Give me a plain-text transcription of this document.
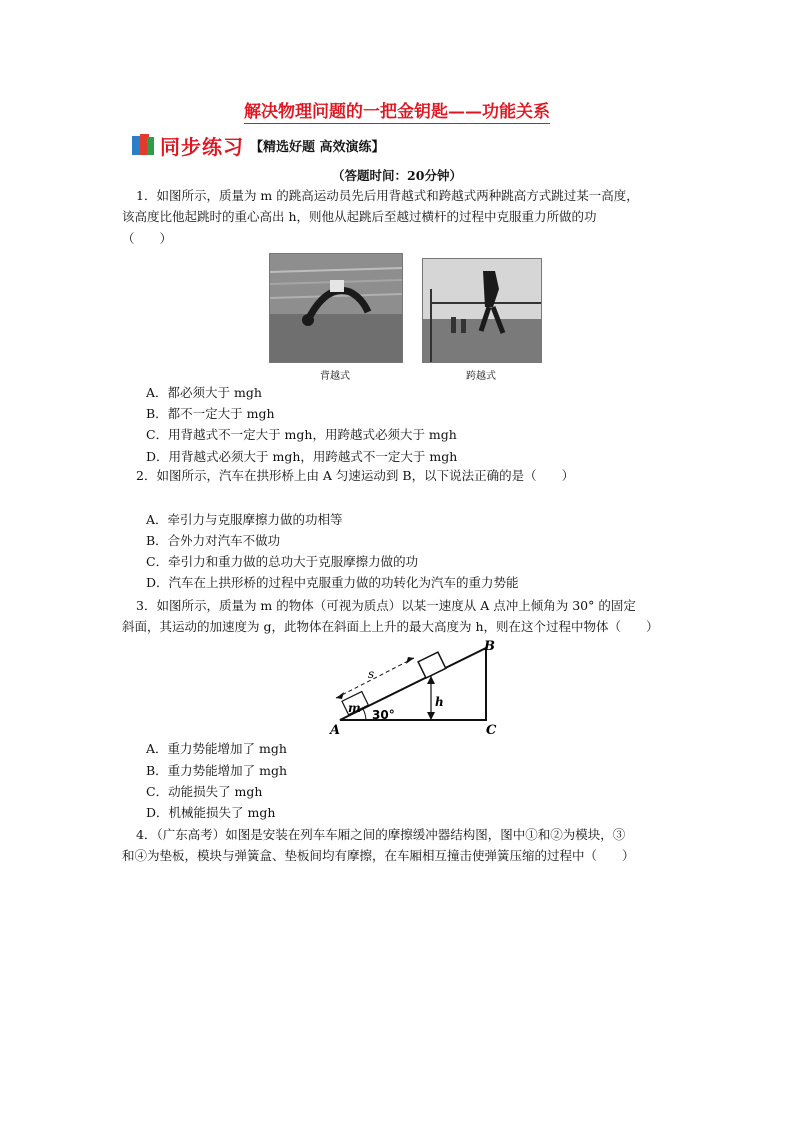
解决物理问题的一把金钥匙——功能关系
同步练习 【精选好题 高效演练】
（答题时间：20分钟）
1．如图所示，质量为 m 的跳高运动员先后用背越式和跨越式两种跳高方式跳过某一高度，
该高度比他起跳时的重心高出 h，则他从起跳后至越过横杆的过程中克服重力所做的功
（　　）
背越式	跨越式
A．都必须大于 mgh
B．都不一定大于 mgh
C．用背越式不一定大于 mgh，用跨越式必须大于 mgh
D．用背越式必须大于 mgh，用跨越式不一定大于 mgh
2．如图所示，汽车在拱形桥上由 A 匀速运动到 B，以下说法正确的是（　　）
A．牵引力与克服摩擦力做的功相等
B．合外力对汽车不做功
C．牵引力和重力做的总功大于克服摩擦力做的功
D．汽车在上拱形桥的过程中克服重力做的功转化为汽车的重力势能
3．如图所示，质量为 m 的物体（可视为质点）以某一速度从 A 点冲上倾角为 30° 的固定
斜面，其运动的加速度为 g，此物体在斜面上上升的最大高度为 h，则在这个过程中物体（　　）
s
m 30°
h
A
B
C
A．重力势能增加了 mgh
B．重力势能增加了 mgh
C．动能损失了 mgh
D．机械能损失了 mgh
4．（广东高考）如图是安装在列车车厢之间的摩擦缓冲器结构图，图中①和②为模块，③
和④为垫板，模块与弹簧盒、垫板间均有摩擦，在车厢相互撞击使弹簧压缩的过程中（　　）
